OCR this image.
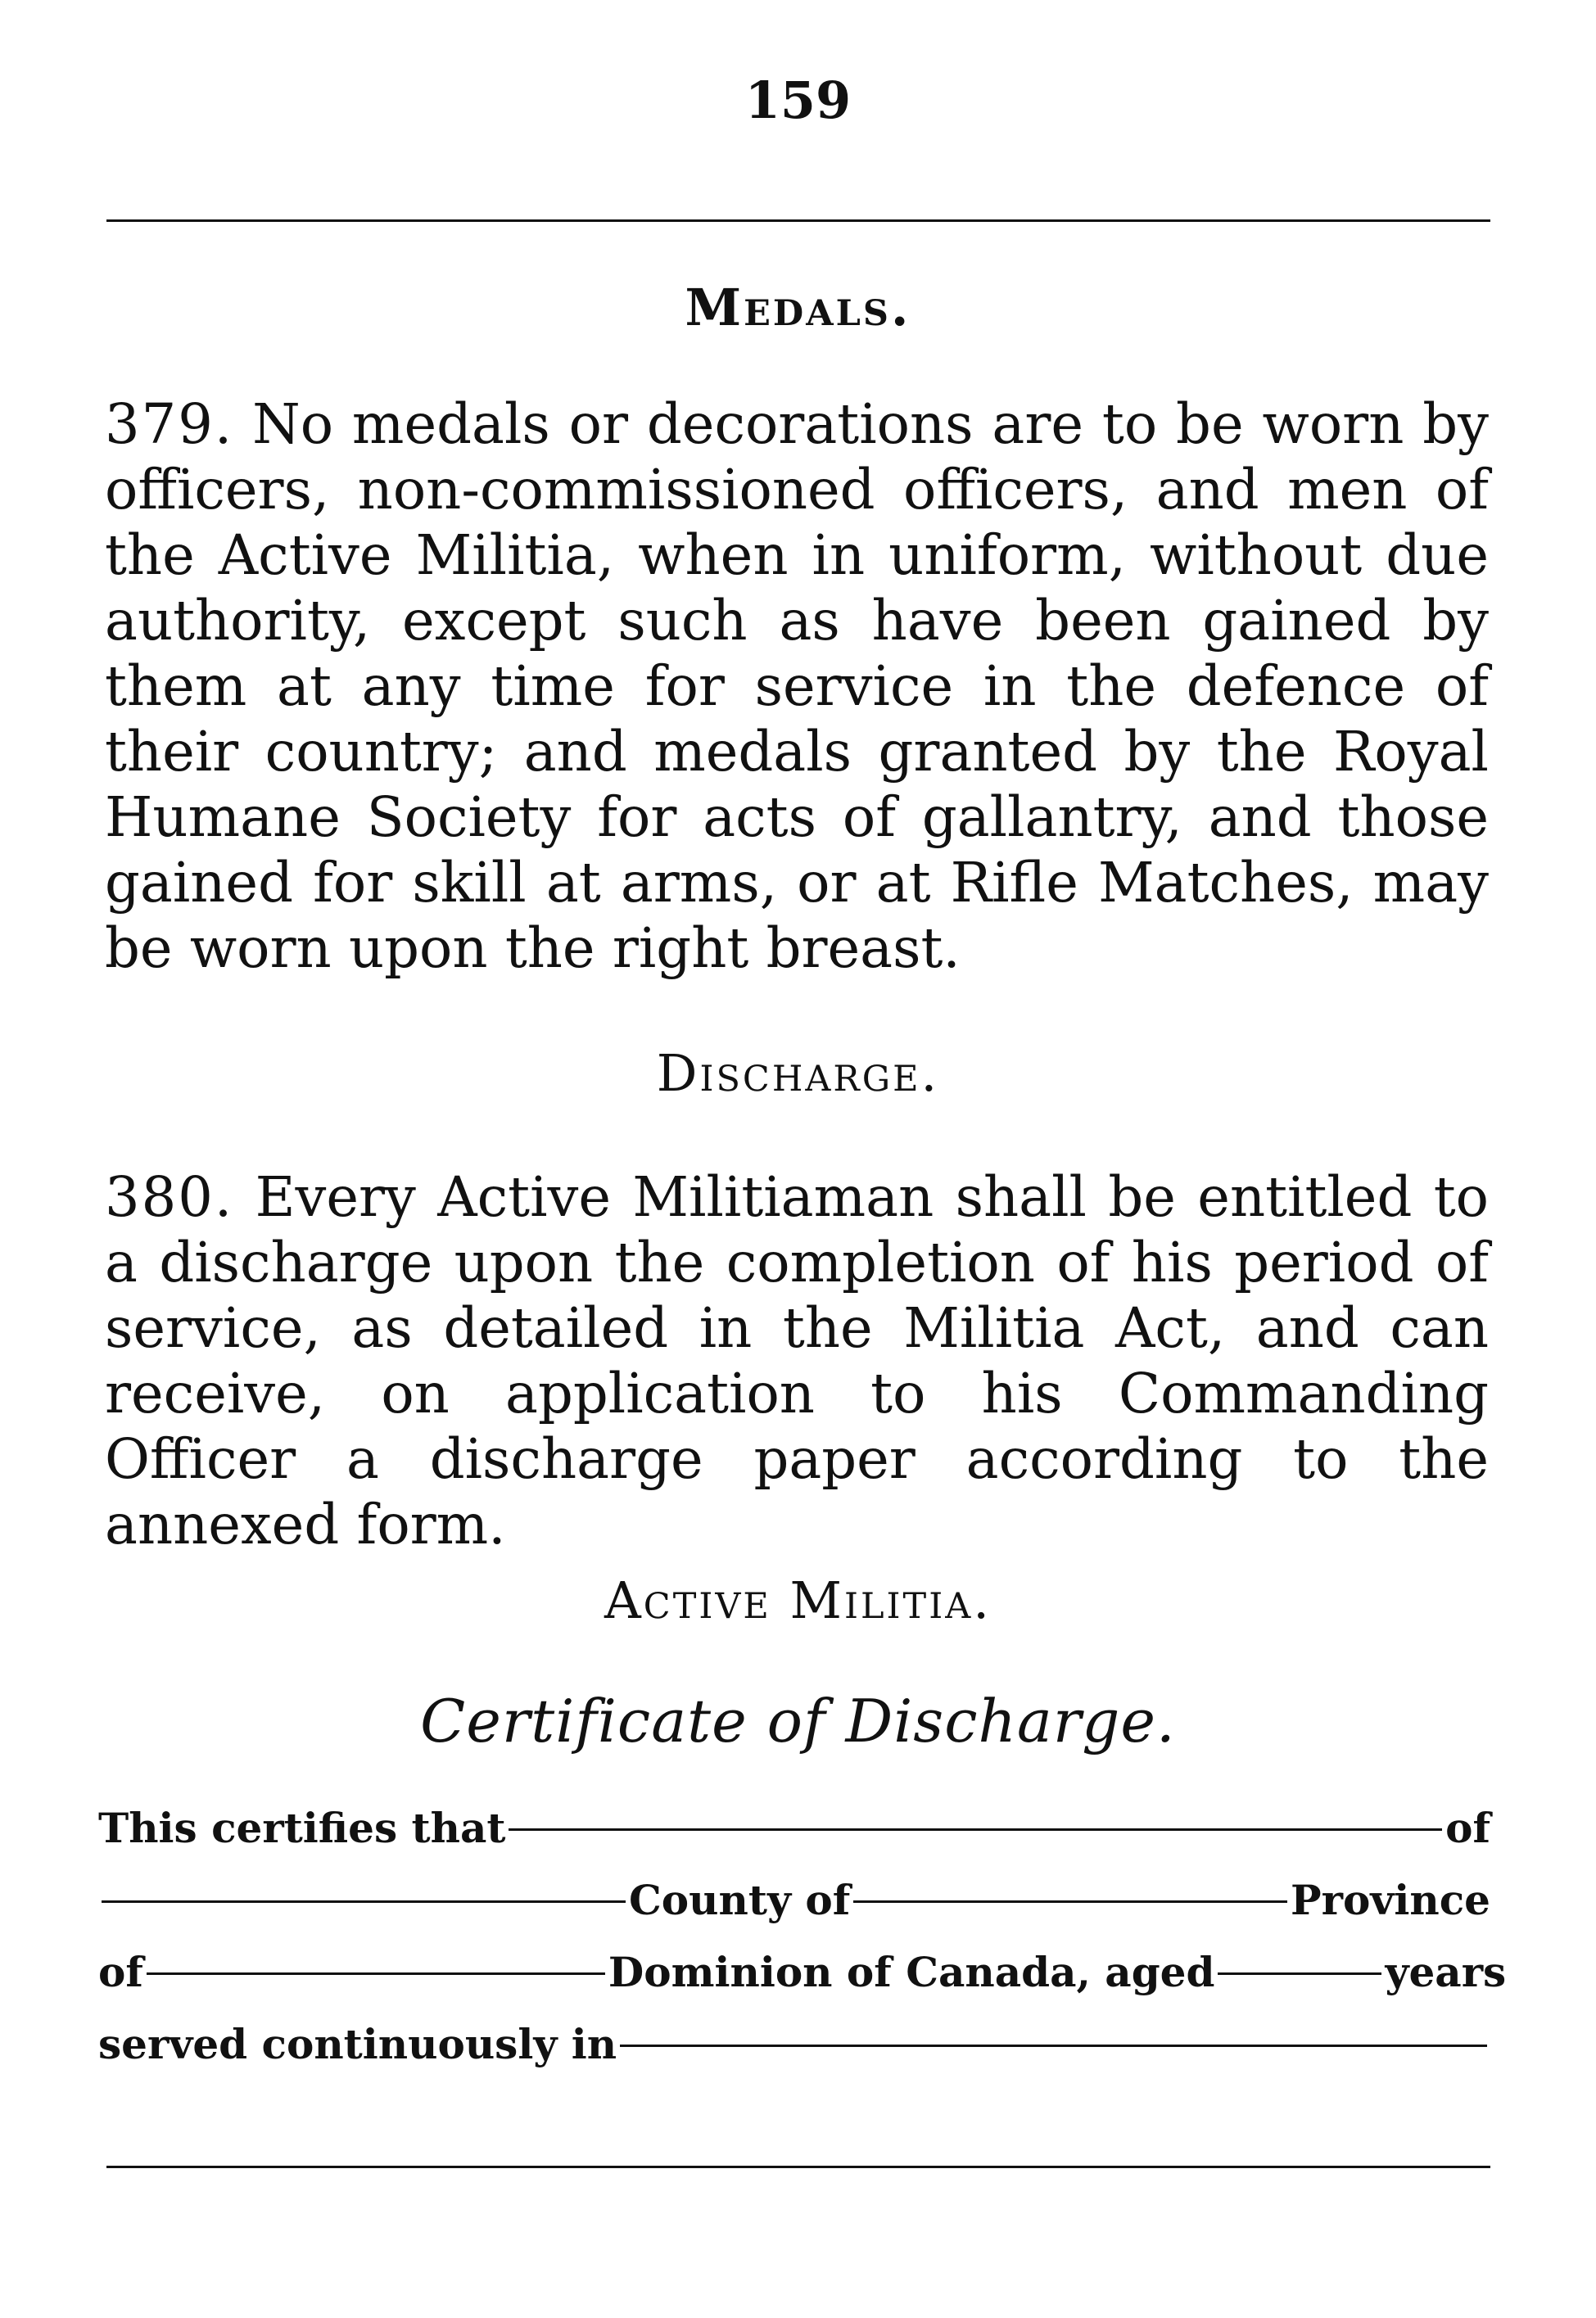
159
Medals.

379. No medals or decorations are to be worn by officers, non-commissioned officers, and men of the Active Militia, when in uniform, without due authority, except such as have been gained by them at any time for service in the defence of their country; and medals granted by the Royal Humane Society for acts of gallantry, and those gained for skill at arms, or at Rifle Matches, may be worn upon the right breast.

Discharge.

380. Every Active Militiaman shall be entitled to a discharge upon the completion of his period of service, as detailed in the Militia Act, and can receive, on application to his Commanding Officer a discharge paper according to the annexed form.

Active Militia.
Certificate of Discharge.
This certifies that	of
County of	Province
of	Dominion of Canada, aged	years
served continuously in
